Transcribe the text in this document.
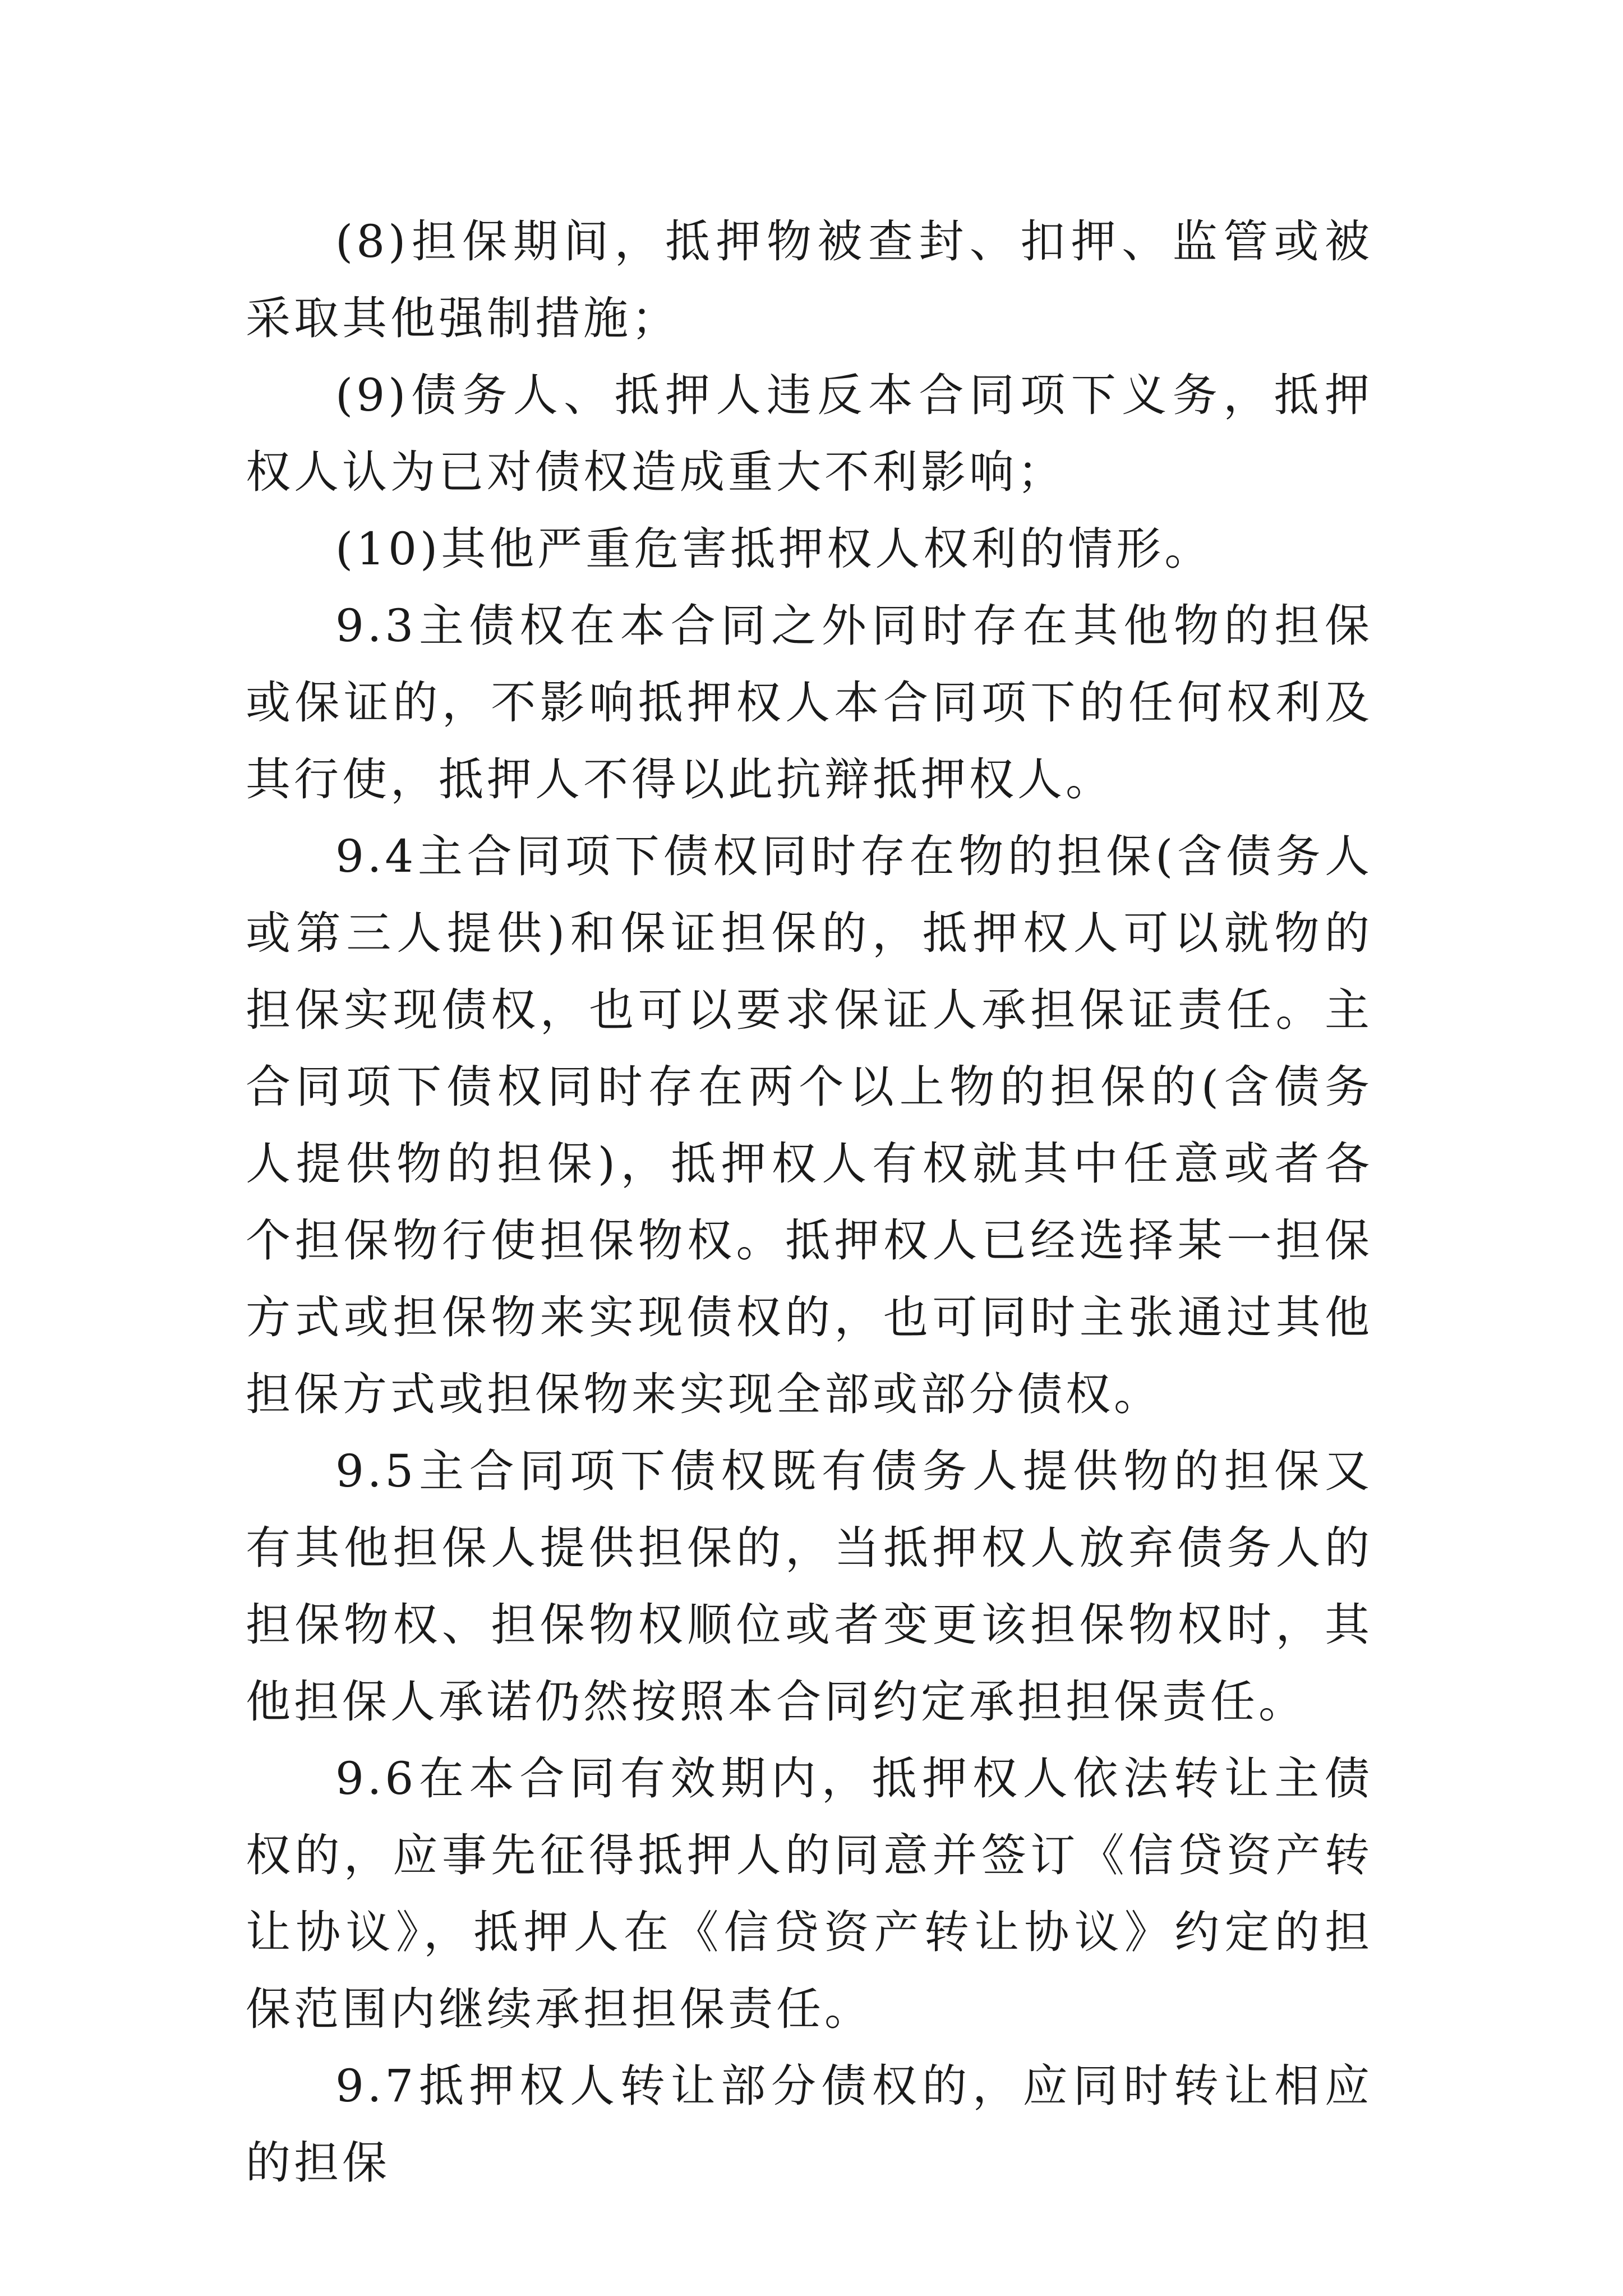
(8)担保期间，抵押物被查封、扣押、监管或被采取其他强制措施；

(9)债务人、抵押人违反本合同项下义务，抵押权人认为已对债权造成重大不利影响；

(10)其他严重危害抵押权人权利的情形。

9.3主债权在本合同之外同时存在其他物的担保或保证的，不影响抵押权人本合同项下的任何权利及其行使，抵押人不得以此抗辩抵押权人。

9.4主合同项下债权同时存在物的担保(含债务人或第三人提供)和保证担保的，抵押权人可以就物的担保实现债权，也可以要求保证人承担保证责任。主合同项下债权同时存在两个以上物的担保的(含债务人提供物的担保)，抵押权人有权就其中任意或者各个担保物行使担保物权。抵押权人已经选择某一担保方式或担保物来实现债权的，也可同时主张通过其他担保方式或担保物来实现全部或部分债权。

9.5主合同项下债权既有债务人提供物的担保又有其他担保人提供担保的，当抵押权人放弃债务人的担保物权、担保物权顺位或者变更该担保物权时，其他担保人承诺仍然按照本合同约定承担担保责任。

9.6在本合同有效期内，抵押权人依法转让主债权的，应事先征得抵押人的同意并签订《信贷资产转让协议》，抵押人在《信贷资产转让协议》约定的担保范围内继续承担担保责任。

9.7抵押权人转让部分债权的，应同时转让相应的担保
